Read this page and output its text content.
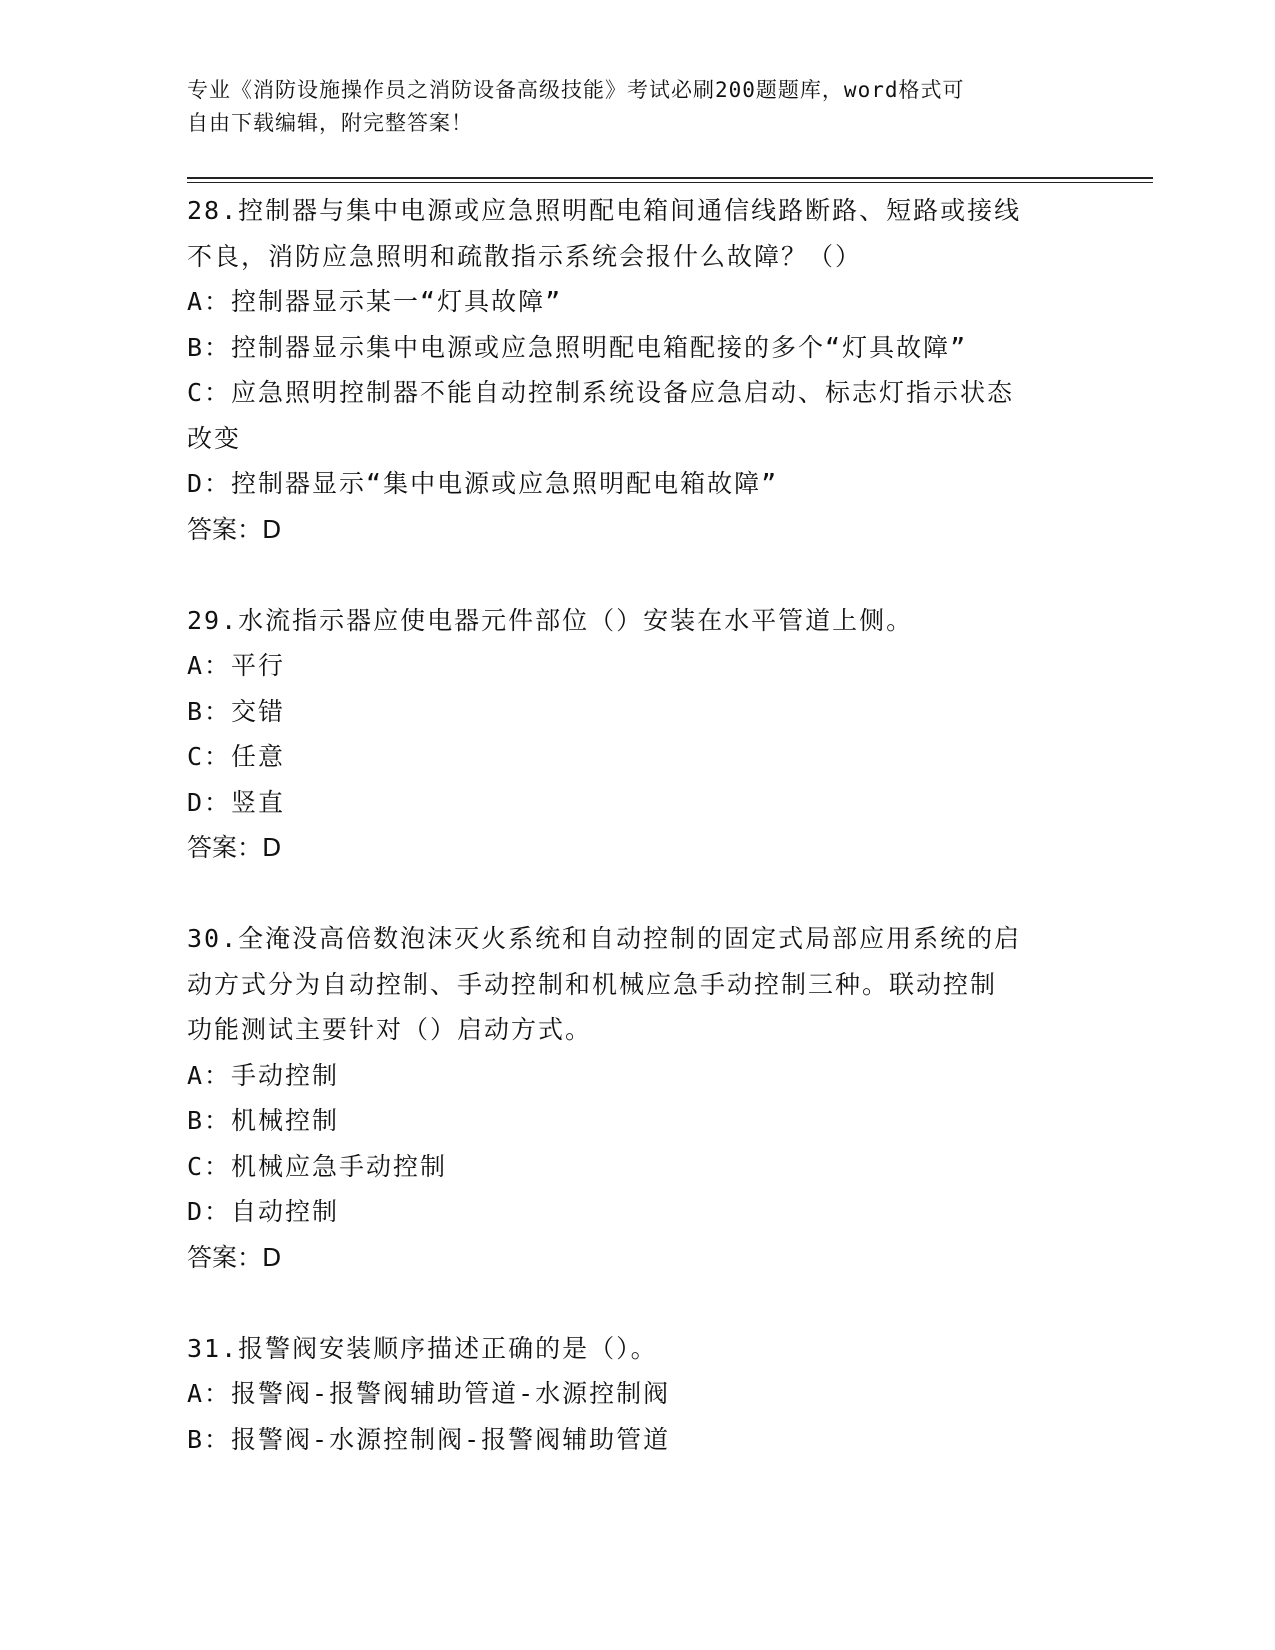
专业《消防设施操作员之消防设备高级技能》考试必刷200题题库，word格式可
自由下载编辑，附完整答案！
28.控制器与集中电源或应急照明配电箱间通信线路断路、短路或接线
不良，消防应急照明和疏散指示系统会报什么故障？（）
A：控制器显示某一“灯具故障”
B：控制器显示集中电源或应急照明配电箱配接的多个“灯具故障”
C：应急照明控制器不能自动控制系统设备应急启动、标志灯指示状态
改变
D：控制器显示“集中电源或应急照明配电箱故障”
答案：D
29.水流指示器应使电器元件部位（）安装在水平管道上侧。
A：平行
B：交错
C：任意
D：竖直
答案：D
30.全淹没高倍数泡沫灭火系统和自动控制的固定式局部应用系统的启
动方式分为自动控制、手动控制和机械应急手动控制三种。联动控制
功能测试主要针对（）启动方式。
A：手动控制
B：机械控制
C：机械应急手动控制
D：自动控制
答案：D
31.报警阀安装顺序描述正确的是（）。
A：报警阀-报警阀辅助管道-水源控制阀
B：报警阀-水源控制阀-报警阀辅助管道
